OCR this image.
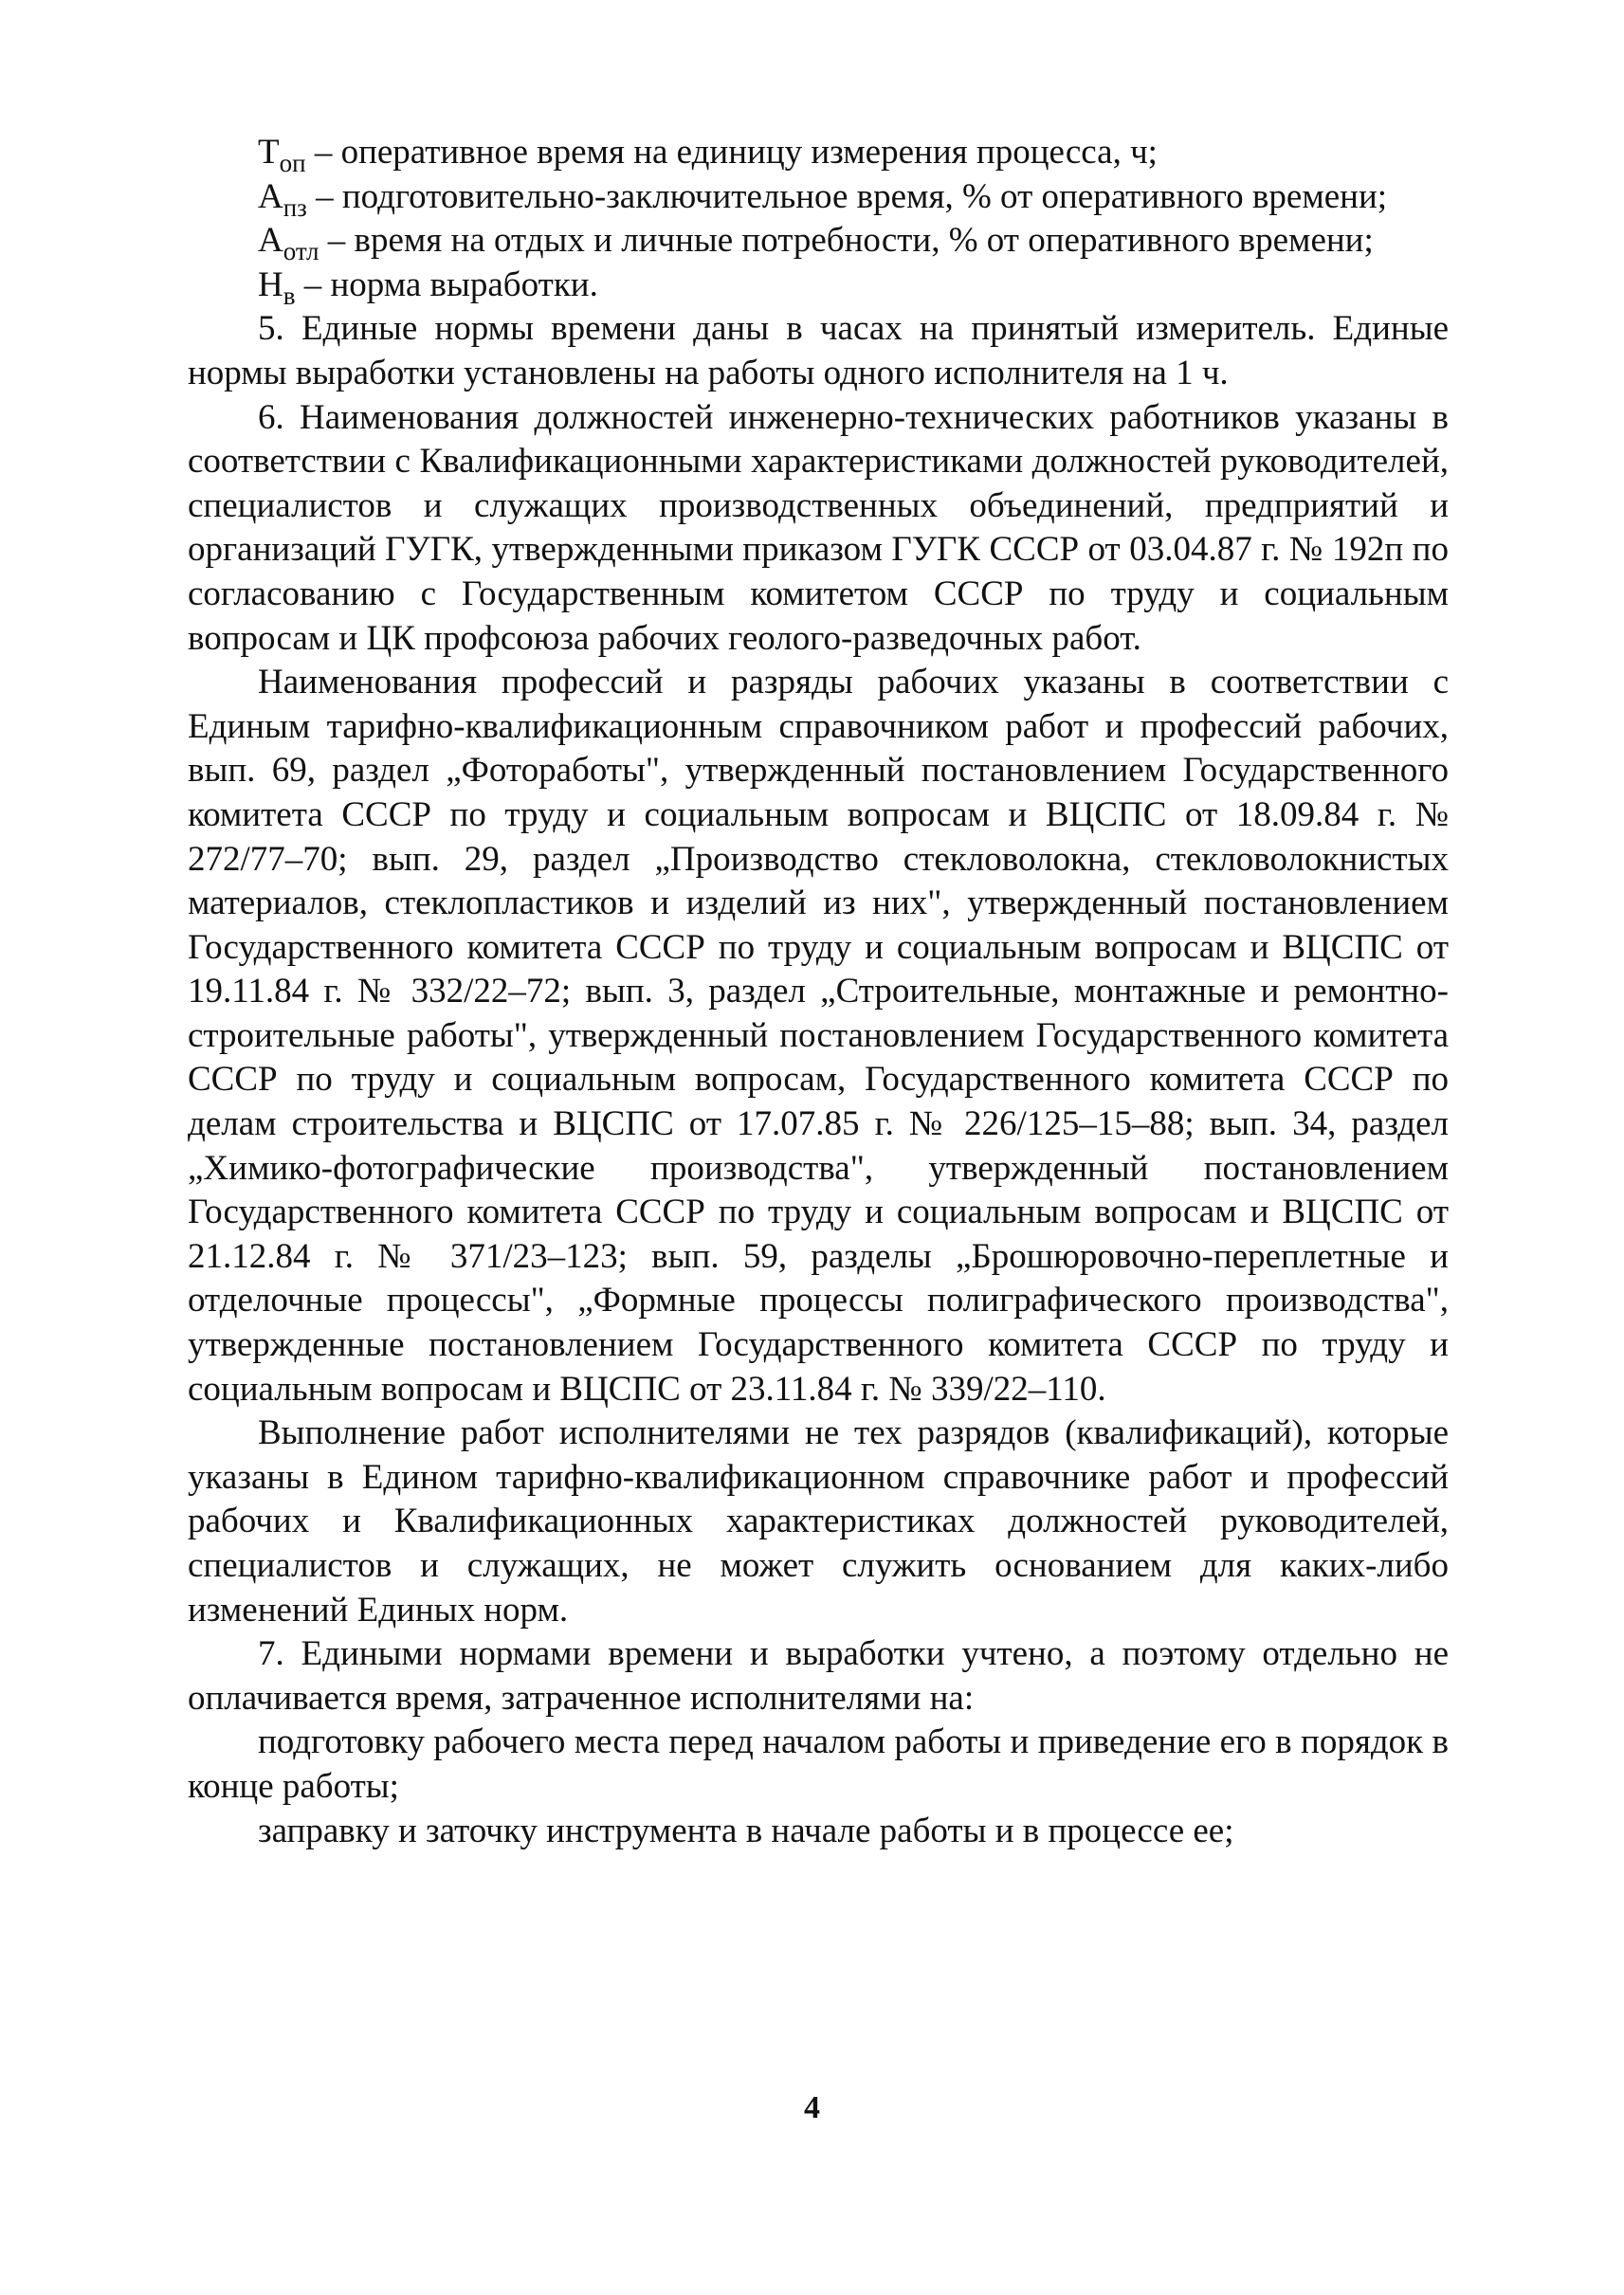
$Т_{оп}$ – оперативное время на единицу измерения процесса, ч;

$А_{пз}$ – подготовительно-заключительное время, % от оперативного времени;

$А_{отл}$ – время на отдых и личные потребности, % от оперативного времени;

$Н_в$ – норма выработки.

5. Единые нормы времени даны в часах на принятый измеритель. Единые нормы выработки установлены на работы одного исполнителя на 1 ч.

6. Наименования должностей инженерно-технических работников указаны в соответствии с Квалификационными характеристиками должностей руководителей, специалистов и служащих производственных объединений, предприятий и организаций ГУГК, утвержденными приказом ГУГК СССР от 03.04.87 г. № 192п по согласованию с Государственным комитетом СССР по труду и социальным вопросам и ЦК профсоюза рабочих геолого-разведочных работ.

Наименования профессий и разряды рабочих указаны в соответствии с Единым тарифно-квалификационным справочником работ и профессий рабочих, вып. 69, раздел „Фоторaботы", утвержденный постановлением Государственного комитета СССР по труду и социальным вопросам и ВЦСПС от 18.09.84 г. № 272/77–70; вып. 29, раздел „Производство стекловолокна, стекловолокнистых материалов, стеклопластиков и изделий из них", утвержденный постановлением Государственного комитета СССР по труду и социальным вопросам и ВЦСПС от 19.11.84 г. № 332/22–72; вып. 3, раздел „Строительные, монтажные и ремонтно-строительные работы", утвержденный постановлением Государственного комитета СССР по труду и социальным вопросам, Государственного комитета СССР по делам строительства и ВЦСПС от 17.07.85 г. № 226/125–15–88; вып. 34, раздел „Химико-фотографические производства", утвержденный постановлением Государственного комитета СССР по труду и социальным вопросам и ВЦСПС от 21.12.84 г. № 371/23–123; вып. 59, разделы „Брошюровочно-переплетные и отделочные процессы", „Формные процессы полиграфического производства", утвержденные постановлением Государственного комитета СССР по труду и социальным вопросам и ВЦСПС от 23.11.84 г. № 339/22–110.

Выполнение работ исполнителями не тех разрядов (квалификаций), которые указаны в Едином тарифно-квалификационном справочнике работ и профессий рабочих и Квалификационных характеристиках должностей руководителей, специалистов и служащих, не может служить основанием для каких-либо изменений Единых норм.

7. Едиными нормами времени и выработки учтено, а поэтому отдельно не оплачивается время, затраченное исполнителями на:

подготовку рабочего места перед началом работы и приведение его в порядок в конце работы;

заправку и заточку инструмента в начале работы и в процессе ее;

4
